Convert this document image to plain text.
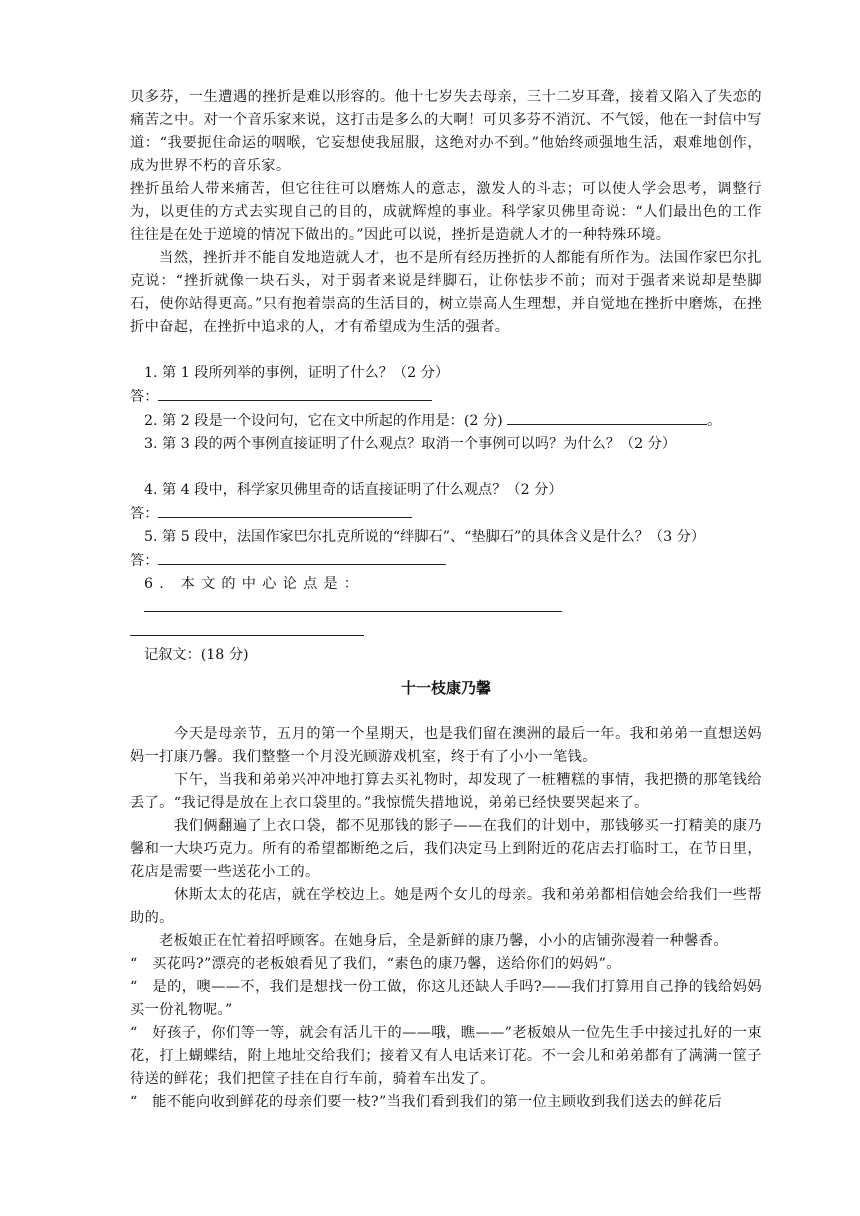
贝多芬，一生遭遇的挫折是难以形容的。他十七岁失去母亲，三十二岁耳聋，接着又陷入了失恋的痛苦之中。对一个音乐家来说，这打击是多么的大啊！可贝多芬不消沉、不气馁，他在一封信中写道：“我要扼住命运的咽喉，它妄想使我屈服，这绝对办不到。”他始终顽强地生活，艰难地创作，成为世界不朽的音乐家。

挫折虽给人带来痛苦，但它往往可以磨炼人的意志，激发人的斗志；可以使人学会思考，调整行为，以更佳的方式去实现自己的目的，成就辉煌的事业。科学家贝佛里奇说：“人们最出色的工作往往是在处于逆境的情况下做出的。”因此可以说，挫折是造就人才的一种特殊环境。

当然，挫折并不能自发地造就人才，也不是所有经历挫折的人都能有所作为。法国作家巴尔扎克说：“挫折就像一块石头，对于弱者来说是绊脚石，让你怯步不前；而对于强者来说却是垫脚石，使你站得更高。”只有抱着崇高的生活目的，树立崇高人生理想，并自觉地在挫折中磨炼，在挫折中奋起，在挫折中追求的人，才有希望成为生活的强者。

1. 第 1 段所列举的事例，证明了什么？（2 分）

答：

2. 第 2 段是一个设问句，它在文中所起的作用是：(2 分)	。

3. 第 3 段的两个事例直接证明了什么观点？取消一个事例可以吗？为什么？（2 分）

4. 第 4 段中，科学家贝佛里奇的话直接证明了什么观点？（2 分）

答：

5. 第 5 段中，法国作家巴尔扎克所说的“绊脚石”、“垫脚石”的具体含义是什么？（3 分）

答：

6. 本文的中心论点是：

记叙文：(18 分)

十一枝康乃馨

今天是母亲节，五月的第一个星期天，也是我们留在澳洲的最后一年。我和弟弟一直想送妈妈一打康乃馨。我们整整一个月没光顾游戏机室，终于有了小小一笔钱。

下午，当我和弟弟兴冲冲地打算去买礼物时，却发现了一桩糟糕的事情，我把攒的那笔钱给丢了。“我记得是放在上衣口袋里的。”我惊慌失措地说，弟弟已经快要哭起来了。

我们俩翻遍了上衣口袋，都不见那钱的影子——在我们的计划中，那钱够买一打精美的康乃馨和一大块巧克力。所有的希望都断绝之后，我们决定马上到附近的花店去打临时工，在节日里，花店是需要一些送花小工的。

休斯太太的花店，就在学校边上。她是两个女儿的母亲。我和弟弟都相信她会给我们一些帮助的。

老板娘正在忙着招呼顾客。在她身后，全是新鲜的康乃馨，小小的店铺弥漫着一种馨香。

“　买花吗?”漂亮的老板娘看见了我们，“素色的康乃馨，送给你们的妈妈”。

“　是的，噢——不，我们是想找一份工做，你这儿还缺人手吗?——我们打算用自己挣的钱给妈妈买一份礼物呢。”

“　好孩子，你们等一等，就会有活儿干的——哦，瞧——”老板娘从一位先生手中接过扎好的一束花，打上蝴蝶结，附上地址交给我们；接着又有人电话来订花。不一会儿和弟弟都有了满满一筐子待送的鲜花；我们把筐子挂在自行车前，骑着车出发了。

“　能不能向收到鲜花的母亲们要一枝?”当我们看到我们的第一位主顾收到我们送去的鲜花后
